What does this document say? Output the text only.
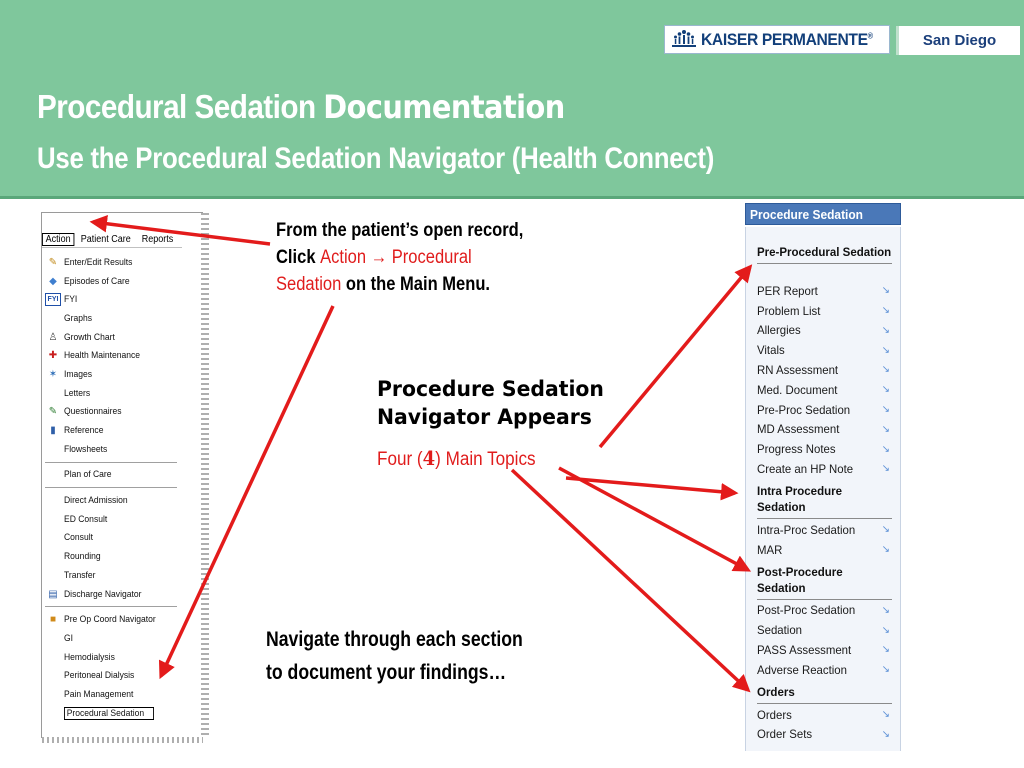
KAISER PERMANENTE®	San Diego
Procedural Sedation Documentation
Use the Procedural Sedation Navigator (Health Connect)
Action Patient Care Reports
✎ Enter/Edit Results
◆ Episodes of Care
FYI FYI
Graphs
♙ Growth Chart
✚ Health Maintenance
✶ Images
Letters
✎ Questionnaires
▮ Reference
Flowsheets
Plan of Care
Direct Admission
ED Consult
Consult
Rounding
Transfer
▤ Discharge Navigator
■ Pre Op Coord Navigator
GI
Hemodialysis
Peritoneal Dialysis
Pain Management
Procedural Sedation
From the patient’s open record,
Click Action → Procedural
Sedation on the Main Menu.
Procedure Sedation
Navigator Appears
Four (4) Main Topics
Navigate through each section
to document your findings…
Procedure Sedation
Pre-Procedural Sedation
PER Report	↘
Problem List	↘
Allergies	↘
Vitals	↘
RN Assessment	↘
Med. Document	↘
Pre-Proc Sedation	↘
MD Assessment	↘
Progress Notes	↘
Create an HP Note	↘
Intra Procedure Sedation
Intra-Proc Sedation	↘
MAR	↘
Post-Procedure Sedation
Post-Proc Sedation	↘
Sedation	↘
PASS Assessment	↘
Adverse Reaction	↘
Orders
Orders	↘
Order Sets	↘
